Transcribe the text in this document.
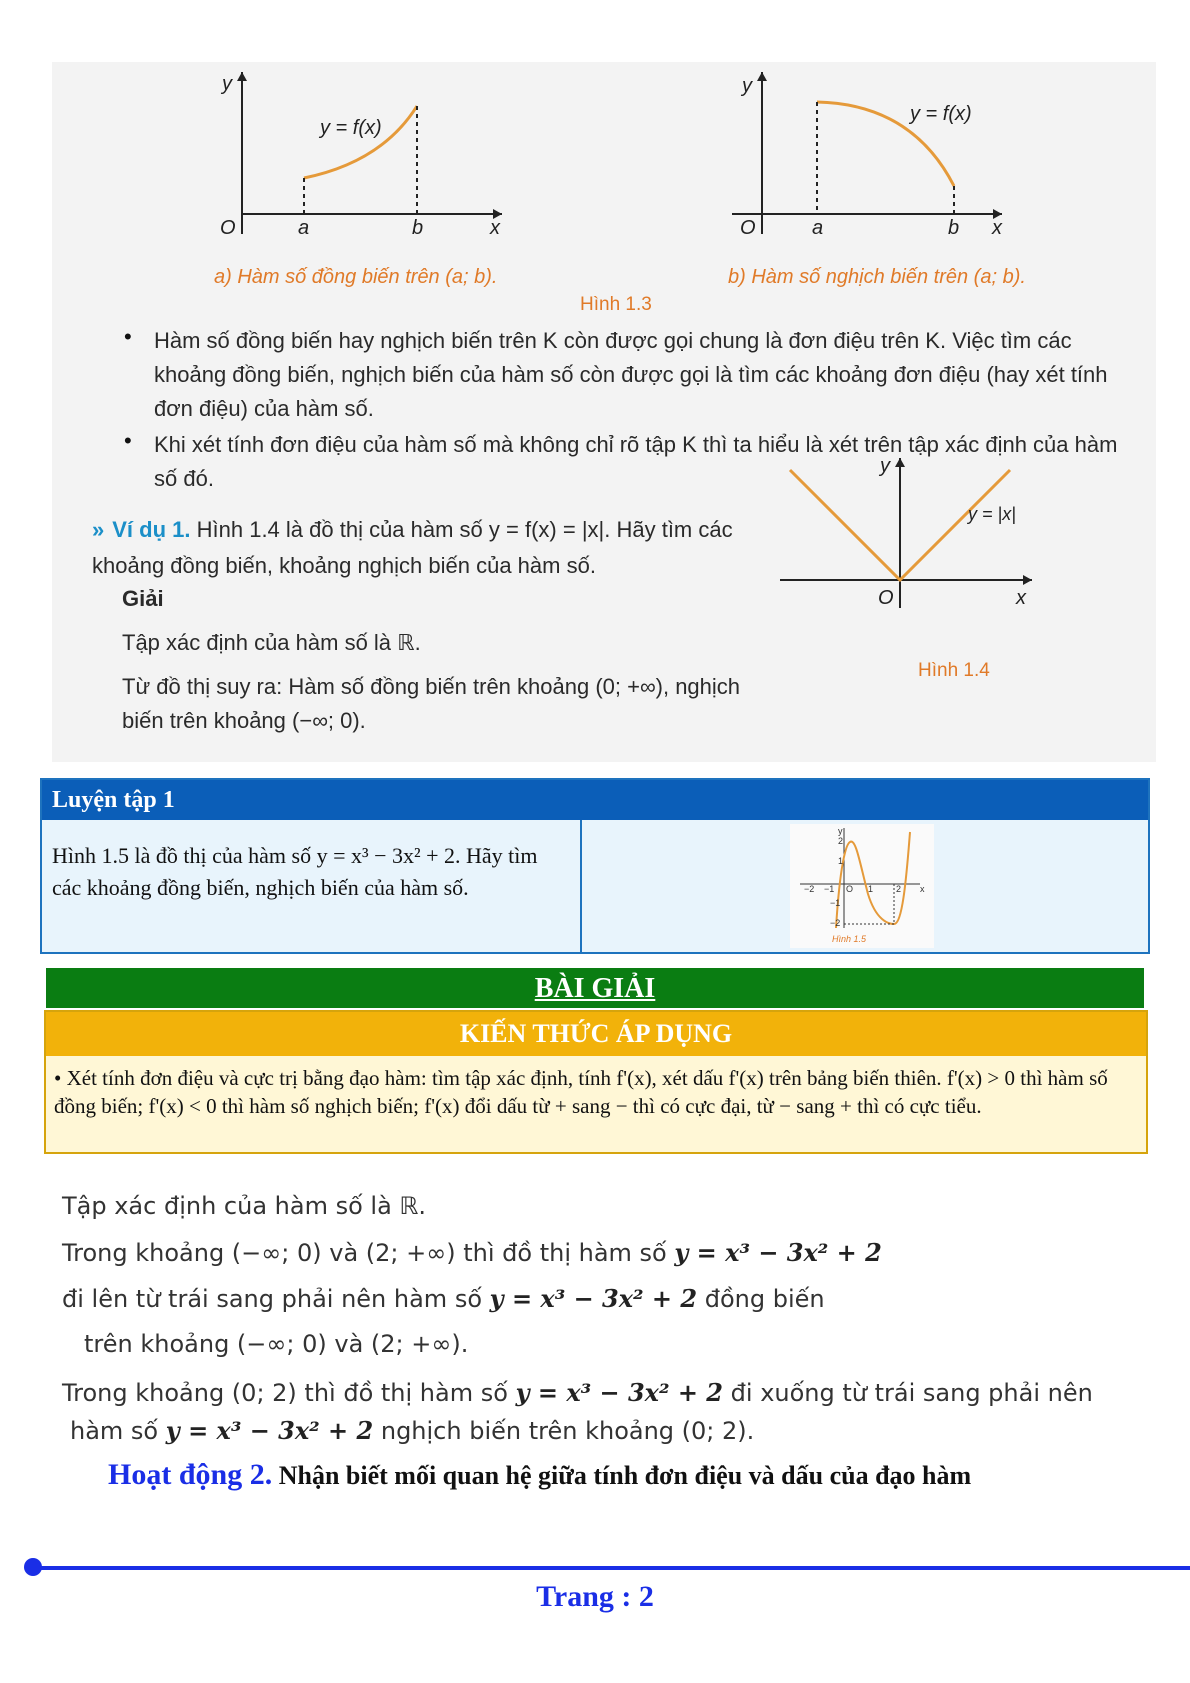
y
O	a	b	x
y = f(x)
a) Hàm số đồng biến trên (a; b).
y
O	a	b x
y = f(x)
b) Hàm số nghịch biến trên (a; b).
Hình 1.3
•	Hàm số đồng biến hay nghịch biến trên K còn được gọi chung là đơn điệu trên K. Việc tìm các khoảng đồng biến, nghịch biến của hàm số còn được gọi là tìm các khoảng đơn điệu (hay xét tính đơn điệu) của hàm số.
•	Khi xét tính đơn điệu của hàm số mà không chỉ rõ tập K thì ta hiểu là xét trên tập xác định của hàm số đó.
» Ví dụ 1. Hình 1.4 là đồ thị của hàm số y = f(x) = |x|. Hãy tìm các khoảng đồng biến, khoảng nghịch biến của hàm số.
Giải
Tập xác định của hàm số là ℝ.
Từ đồ thị suy ra: Hàm số đồng biến trên khoảng (0; +∞), nghịch biến trên khoảng (−∞; 0).
y
O	x
y = |x|
Hình 1.4
Luyện tập 1
Hình 1.5 là đồ thị của hàm số y = x³ − 3x² + 2. Hãy tìm các khoảng đồng biến, nghịch biến của hàm số.	−2 −1 O 1	2 x
y
2
1
−1
−2
Hình 1.5
BÀI GIẢI
KIẾN THỨC ÁP DỤNG
• Xét tính đơn điệu và cực trị bằng đạo hàm: tìm tập xác định, tính f'(x), xét dấu f'(x) trên bảng biến thiên. f'(x) > 0 thì hàm số đồng biến; f'(x) < 0 thì hàm số nghịch biến; f'(x) đổi dấu từ + sang − thì có cực đại, từ − sang + thì có cực tiểu.
Tập xác định của hàm số là ℝ.
Trong khoảng (−∞; 0) và (2; +∞) thì đồ thị hàm số y = x³ − 3x² + 2
đi lên từ trái sang phải nên hàm số y = x³ − 3x² + 2 đồng biến
trên khoảng (−∞; 0) và (2; +∞).
Trong khoảng (0; 2) thì đồ thị hàm số y = x³ − 3x² + 2 đi xuống từ trái sang phải nên
hàm số y = x³ − 3x² + 2 nghịch biến trên khoảng (0; 2).
Hoạt động 2. Nhận biết mối quan hệ giữa tính đơn điệu và dấu của đạo hàm
Trang : 2
